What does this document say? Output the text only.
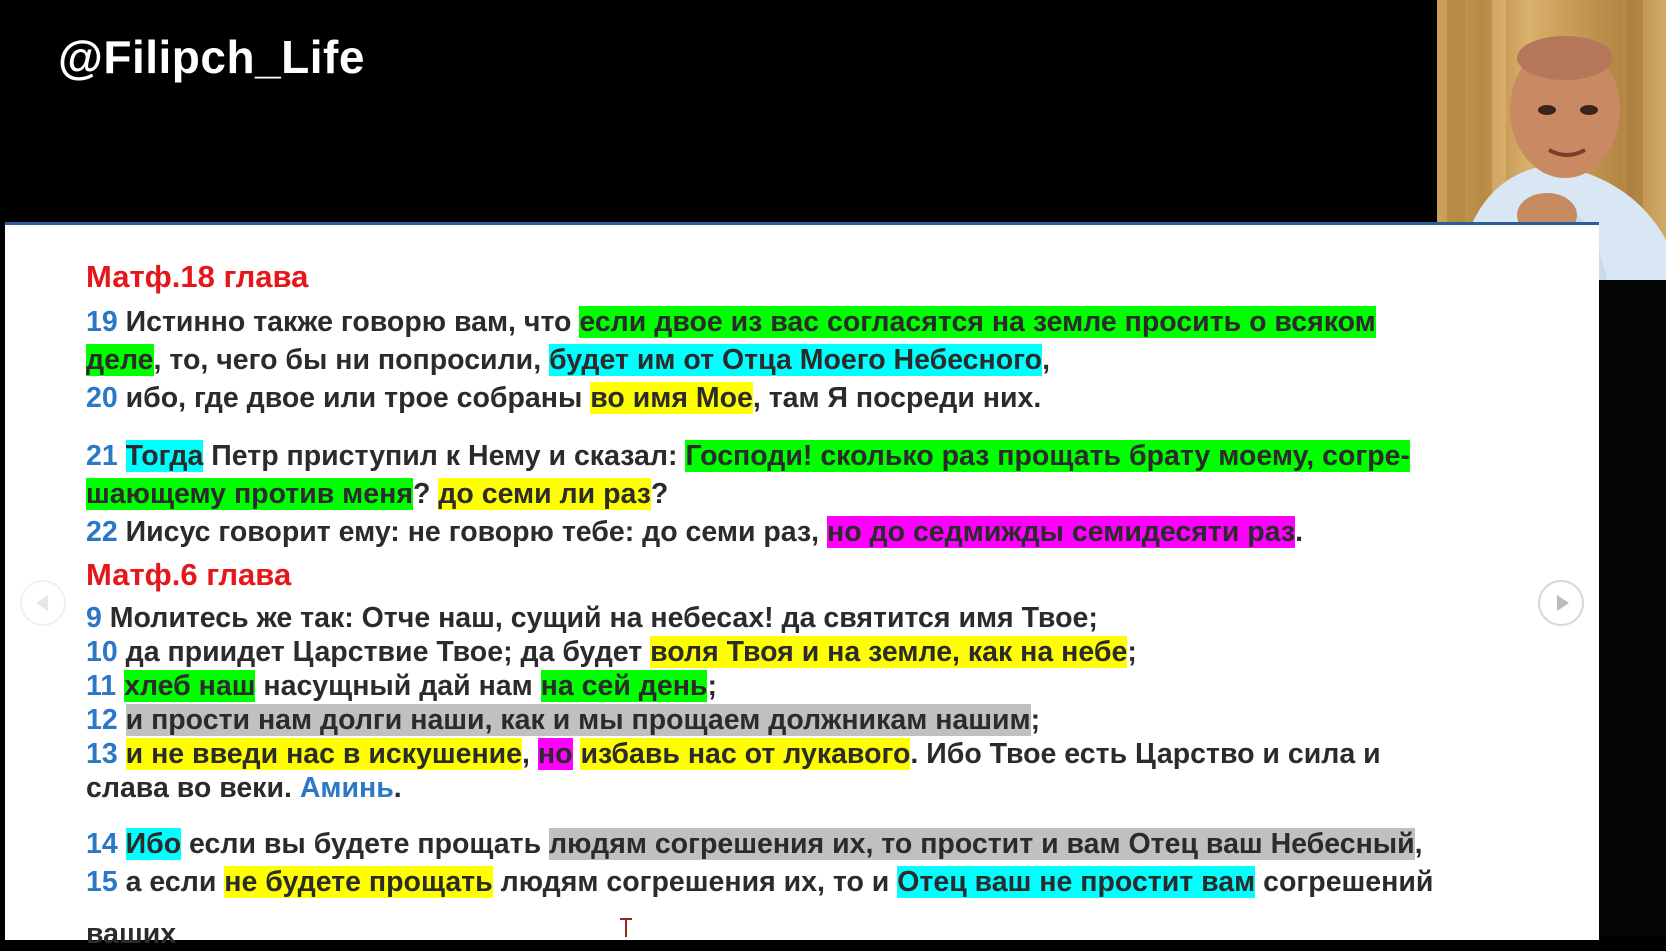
@Filipch_Life
Матф.18 глава
19 Истинно также говорю вам, что если двое из вас согласятся на земле просить о всяком
деле, то, чего бы ни попросили, будет им от Отца Моего Небесного,
20 ибо, где двое или трое собраны во имя Мое, там Я посреди них.
21 Тогда Петр приступил к Нему и сказал: Господи! сколько раз прощать брату моему, согре-
шающему против меня? до семи ли раз?
22 Иисус говорит ему: не говорю тебе: до семи раз, но до седмижды семидесяти раз.
Матф.6 глава
9 Молитесь же так: Отче наш, сущий на небесах! да святится имя Твое;
10 да приидет Царствие Твое; да будет воля Твоя и на земле, как на небе;
11 хлеб наш насущный дай нам на сей день;
12 и прости нам долги наши, как и мы прощаем должникам нашим;
13 и не введи нас в искушение, но избавь нас от лукавого. Ибо Твое есть Царство и сила и
слава во веки. Аминь.
14 Ибо если вы будете прощать людям согрешения их, то простит и вам Отец ваш Небесный,
15 а если не будете прощать людям согрешения их, то и Отец ваш не простит вам согрешений
ваших
